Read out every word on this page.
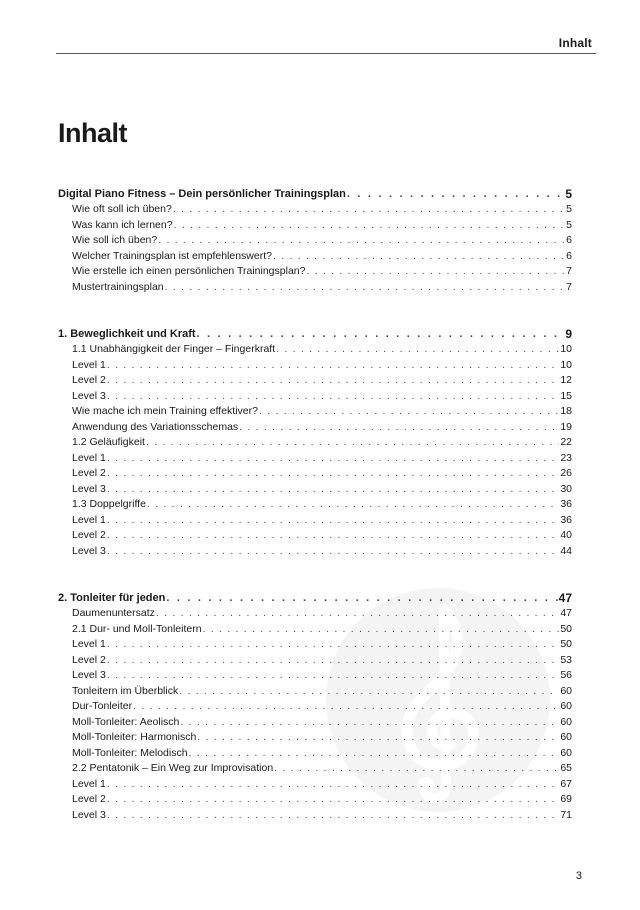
Inhalt
Inhalt
Digital Piano Fitness – Dein persönlicher Trainingsplan . . .	5
Wie oft soll ich üben? . . .	5
Was kann ich lernen? . . .	5
Wie soll ich üben? . . .	6
Welcher Trainingsplan ist empfehlenswert? . . .	6
Wie erstelle ich einen persönlichen Trainingsplan? . . .	7
Mustertrainingsplan . . .	7
1. Beweglichkeit und Kraft . . .	9
1.1 Unabhängigkeit der Finger – Fingerkraft . . .	10
Level 1 . . .	10
Level 2 . . .	12
Level 3 . . .	15
Wie mache ich mein Training effektiver? . . .	18
Anwendung des Variationsschemas . . .	19
1.2 Geläufigkeit . . .	22
Level 1 . . .	23
Level 2 . . .	26
Level 3 . . .	30
1.3 Doppelgriffe . . .	36
Level 1 . . .	36
Level 2 . . .	40
Level 3 . . .	44
2. Tonleiter für jeden . . .	47
Daumenuntersatz . . .	47
2.1 Dur- und Moll-Tonleitern . . .	50
Level 1 . . .	50
Level 2 . . .	53
Level 3 . . .	56
Tonleitern im Überblick . . .	60
Dur-Tonleiter . . .	60
Moll-Tonleiter: Aeolisch . . .	60
Moll-Tonleiter: Harmonisch . . .	60
Moll-Tonleiter: Melodisch . . .	60
2.2 Pentatonik – Ein Weg zur Improvisation . . .	65
Level 1 . . .	67
Level 2 . . .	69
Level 3 . . .	71
3
